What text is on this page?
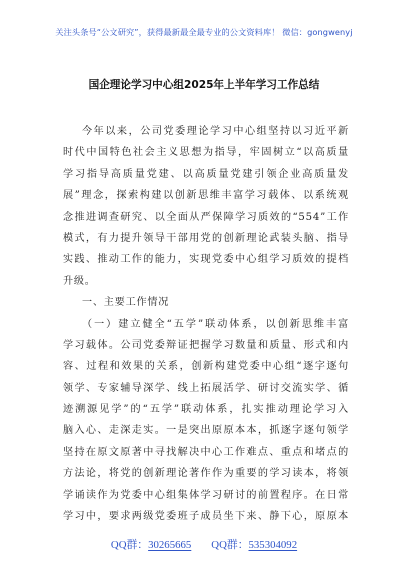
关注头条号“公文研究”，获得最新最全最专业的公文资料库！ 微信：gongwenyj
国企理论学习中心组2025年上半年学习工作总结
今年以来，公司党委理论学习中心组坚持以习近平新
时代中国特色社会主义思想为指导，牢固树立“以高质量
学习指导高质量党建、以高质量党建引领企业高质量发
展”理念，探索构建以创新思维丰富学习载体、以系统观
念推进调查研究、以全面从严保障学习质效的“554”工作
模式，有力提升领导干部用党的创新理论武装头脑、指导
实践、推动工作的能力，实现党委中心组学习质效的提档
升级。
一、主要工作情况
（一）建立健全“五学”联动体系，以创新思维丰富
学习载体。公司党委辩证把握学习数量和质量、形式和内
容、过程和效果的关系，创新构建党委中心组“逐字逐句
领学、专家辅导深学、线上拓展活学、研讨交流实学、循
迹溯源见学”的“五学”联动体系，扎实推动理论学习入
脑入心、走深走实。一是突出原原本本，抓逐字逐句领学
坚持在原文原著中寻找解决中心工作难点、重点和堵点的
方法论，将党的创新理论著作作为重要的学习读本，将领
学诵读作为党委中心组集体学习研讨的前置程序。在日常
学习中，要求两级党委班子成员坐下来、静下心，原原本
QQ群：30265665 QQ群：535304092
